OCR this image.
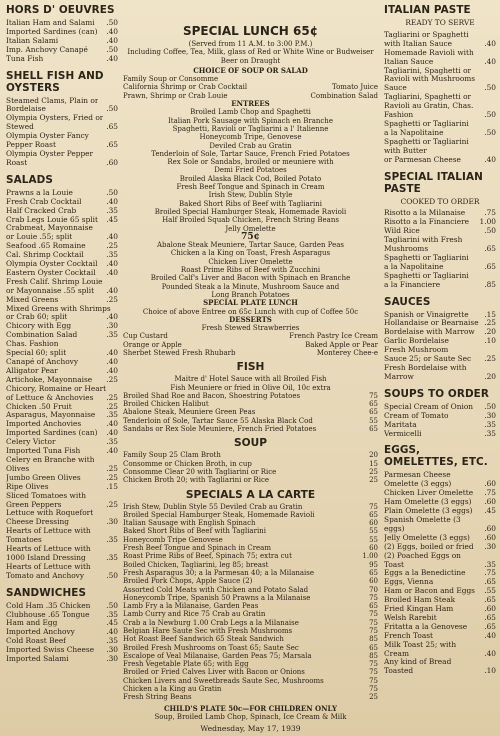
HORS D' OEUVRES
Italian Ham and Salami .50
Imported Sardines (can) .40
Italian Salami	.40
Imp. Anchovy Canapé .50
Tuna Fish	.40
SHELL FISH AND OYSTERS
Steamed Clams, Plain or
Bordelaise	.50
Olympia Oysters, Fried or
Stewed	.65
Olympia Oyster Fancy
Pepper Roast	.65
Olympia Oyster Pepper
Roast	.60
SALADS
Prawns a la Louie	.50
Fresh Crab Cocktail	.40
Half Cracked Crab	.35
Crab Legs Louie 65 split .45
Crabmeat, Mayonnaise
or Louie .55; split	.40
Seafood .65 Romaine	.25
Cal. Shrimp Cocktail	.35
Olympia Oyster Cocktail .40
Eastern Oyster Cocktail .40
Fresh Calif. Shrimp Louie
or Mayonnaise .55 split .40
Mixed Greens	.25
Mixed Greens with Shrimps
or Crab 60; split	.40
Chicory with Egg	.30
Combination Salad	.35
Chas. Fashion
Special 60; split	.40
Canapé of Anchovy	.40
Alligator Pear	.40
Artichoke, Mayonnaise .25
Chicory, Romaine or Heart
of Lettuce & Anchovies .25
Chicken .50 Fruit	.25
Asparagus, Mayonnaise .35
Imported Anchovies	.40
Imported Sardines (can) .40
Celery Victor	.35
Imported Tuna Fish	.40
Celery en Branche with
Olives	.25
Jumbo Green Olives	.25
Ripe Olives	.15
Sliced Tomatoes with
Green Peppers	.25
Lettuce with Roquefort
Cheese Dressing	.30
Hearts of Lettuce with
Tomatoes	.35
Hearts of Lettuce with
1000 Island Dressing	.35
Hearts of Lettuce with
Tomato and Anchovy	.50
SANDWICHES
Cold Ham .35 Chicken .50
Clubhouse .65 Tongue .35
Ham and Egg	.45
Imported Anchovy	.40
Cold Roast Beef	.35
Imported Swiss Cheese .30
Imported Salami	.30
SPECIAL LUNCH 65¢
(Served from 11 A.M. to 3:00 P.M.)
Including Coffee, Tea, Milk, glass of Red or White Wine or Budweiser Beer on Draught
CHOICE OF SOUP OR SALAD
Family Soup or Consomme
California Shrimp or Crab Cocktail	Tomato Juice
Prawn, Shrimp or Crab Louie	Combination Salad
ENTREES
Broiled Lamb Chop and Spaghetti
Italian Pork Sausage with Spinach en Branche
Spaghetti, Ravioli or Tagliarini a l' Italienne
Honeycomb Tripe, Genovese
Deviled Crab au Gratin
Tenderloin of Sole, Tartar Sauce, French Fried Potatoes
Rex Sole or Sandabs, broiled or meuniere with
Demi Fried Potatoes
Broiled Alaska Black Cod, Boiled Potato
Fresh Beef Tongue and Spinach in Cream
Irish Stew, Dublin Style
Baked Short Ribs of Beef with Tagliarini
Broiled Special Hamburger Steak, Homemade Ravioli
Half Broiled Squab Chicken, French String Beans
Jelly Omelette
75¢
Abalone Steak Meuniere, Tartar Sauce, Garden Peas
Chicken a la King on Toast, Fresh Asparagus
Chicken Liver Omelette
Roast Prime Ribs of Beef with Zucchini
Broiled Calf's Liver and Bacon with Spinach en Branche
Pounded Steak a la Minute, Mushroom Sauce and
Long Branch Potatoes
SPECIAL PLATE LUNCH
Choice of above Entree on 65c Lunch with cup of Coffee 50c
DESSERTS
Fresh Stewed Strawberries
Cup Custard	French Pastry Ice Cream
Orange or Apple	Baked Apple or Pear
Sherbet Stewed Fresh Rhubarb	Monterey Chee-e
FISH
Maitre d' Hotel Sauce with all Broiled Fish
Fish Meuniere or fried in Olive Oil, 10c extra
Broiled Shad Roe and Bacon, Shoestring Potatoes	75
Broiled Chicken Halibut	65
Abalone Steak, Meuniere Green Peas	65
Tenderloin of Sole, Tartar Sauce 55 Alaska Black Cod	55
Sandabs or Rex Sole Meuniere, French Fried Potatoes	65
SOUP
Family Soup 25 Clam Broth	20
Consomme or Chicken Broth, in cup	15
Consomme Clear 20 with Tagliarini or Rice	25
Chicken Broth 20; with Tagliarini or Rice	25
SPECIALS A LA CARTE
Irish Stew, Dublin Style 55 Deviled Crab au Gratin	75
Broiled Special Hamburger Steak, Homemade Ravioli	65
Italian Sausage with English Spinach	60
Baked Short Ribs of Beef with Tagliarini	55
Honeycomb Tripe Genovese	55
Fresh Beef Tongue and Spinach in Cream	60
Roast Prime Ribs of Beef, Spinach 75; extra cut	1.00
Boiled Chicken, Tagliarini, leg 85; breast	95
Fresh Asparagus 30; a la Parmesan 40; a la Milanaise	65
Broiled Pork Chops, Apple Sauce (2)	60
Assorted Cold Meats with Chicken and Potato Salad	70
Honeycomb Tripe, Spanish 50 Prawns a la Milanaise	75
Lamb Fry a la Milanaise, Garden Peas	65
Lamb Curry and Rice 75 Crab au Gratin	75
Crab a la Newburg 1.00 Crab Legs a la Milanaise	75
Belgian Hare Saute Sec with Fresh Mushrooms	75
Hot Roast Beef Sandwich 65 Steak Sandwich	85
Broiled Fresh Mushrooms on Toast 65; Saute Sec	65
Escalope of Veal Milanaise, Garden Peas 75; Marsala	85
Fresh Vegetable Plate 65; with Egg	75
Broiled or Fried Calves Liver with Bacon or Onions	75
Chicken Livers and Sweetbreads Saute Sec, Mushrooms	75
Chicken a la King au Gratin	75
Fresh String Beans	25
CHILD'S PLATE 50c—FOR CHILDREN ONLY
Soup, Broiled Lamb Chop, Spinach, Ice Cream & Milk
Wednesday, May 17, 1939
ITALIAN PASTE
READY TO SERVE
Tagliarini or Spaghetti
with Italian Sauce	.40
Homemade Ravioli with
Italian Sauce	.40
Tagliarini, Spaghetti or
Ravioli with Mushrooms
Sauce	.50
Tagliarini, Spaghetti or
Ravioli au Gratin, Chas.
Fashion	.50
Spaghetti or Tagliarini
a la Napolitaine	.50
Spaghetti or Tagliarini
with Butter
or Parmesan Cheese	.40
SPECIAL ITALIAN PASTE
COOKED TO ORDER
Risotto a la Milanaise	.75
Risotto a la Financiere 1.00
Wild Rice	.50
Tagliarini with Fresh
Mushrooms	.65
Spaghetti or Tagliarini
a la Napolitaine	.65
Spaghetti or Tagliarini
a la Financiere	.85
SAUCES
Spanish or Vinaigrette .15
Hollandaise or Bearnaise .25
Bordelaise with Marrow .20
Garlic Bordelaise	.10
Fresh Mushroom
Sauce 25; or Saute Sec .25
Fresh Bordelaise with
Marrow	.20
SOUPS TO ORDER
Special Cream of Onion .50
Cream of Tomato	.30
Maritata	.35
Vermicelli	.35
EGGS, OMELETTES, ETC.
Parmesan Cheese
Omelette (3 eggs)	.60
Chicken Liver Omelette .75
Ham Omelette (3 eggs) .60
Plain Omelette (3 eggs) .45
Spanish Omelette (3
eggs)	.60
Jelly Omelette (3 eggs) .60
(2) Eggs, boiled or fried .30
(2) Poached Eggs on
Toast	.35
Eggs a la Benedictine	.75
Eggs, Vienna	.65
Ham or Bacon and Eggs .55
Broiled Ham Steak	.65
Fried Kingan Ham	.60
Welsh Rarebit	.65
Fritatta a la Genovese .65
French Toast	.40
Milk Toast 25; with
Cream	.40
Any kind of Bread
Toasted	.10
